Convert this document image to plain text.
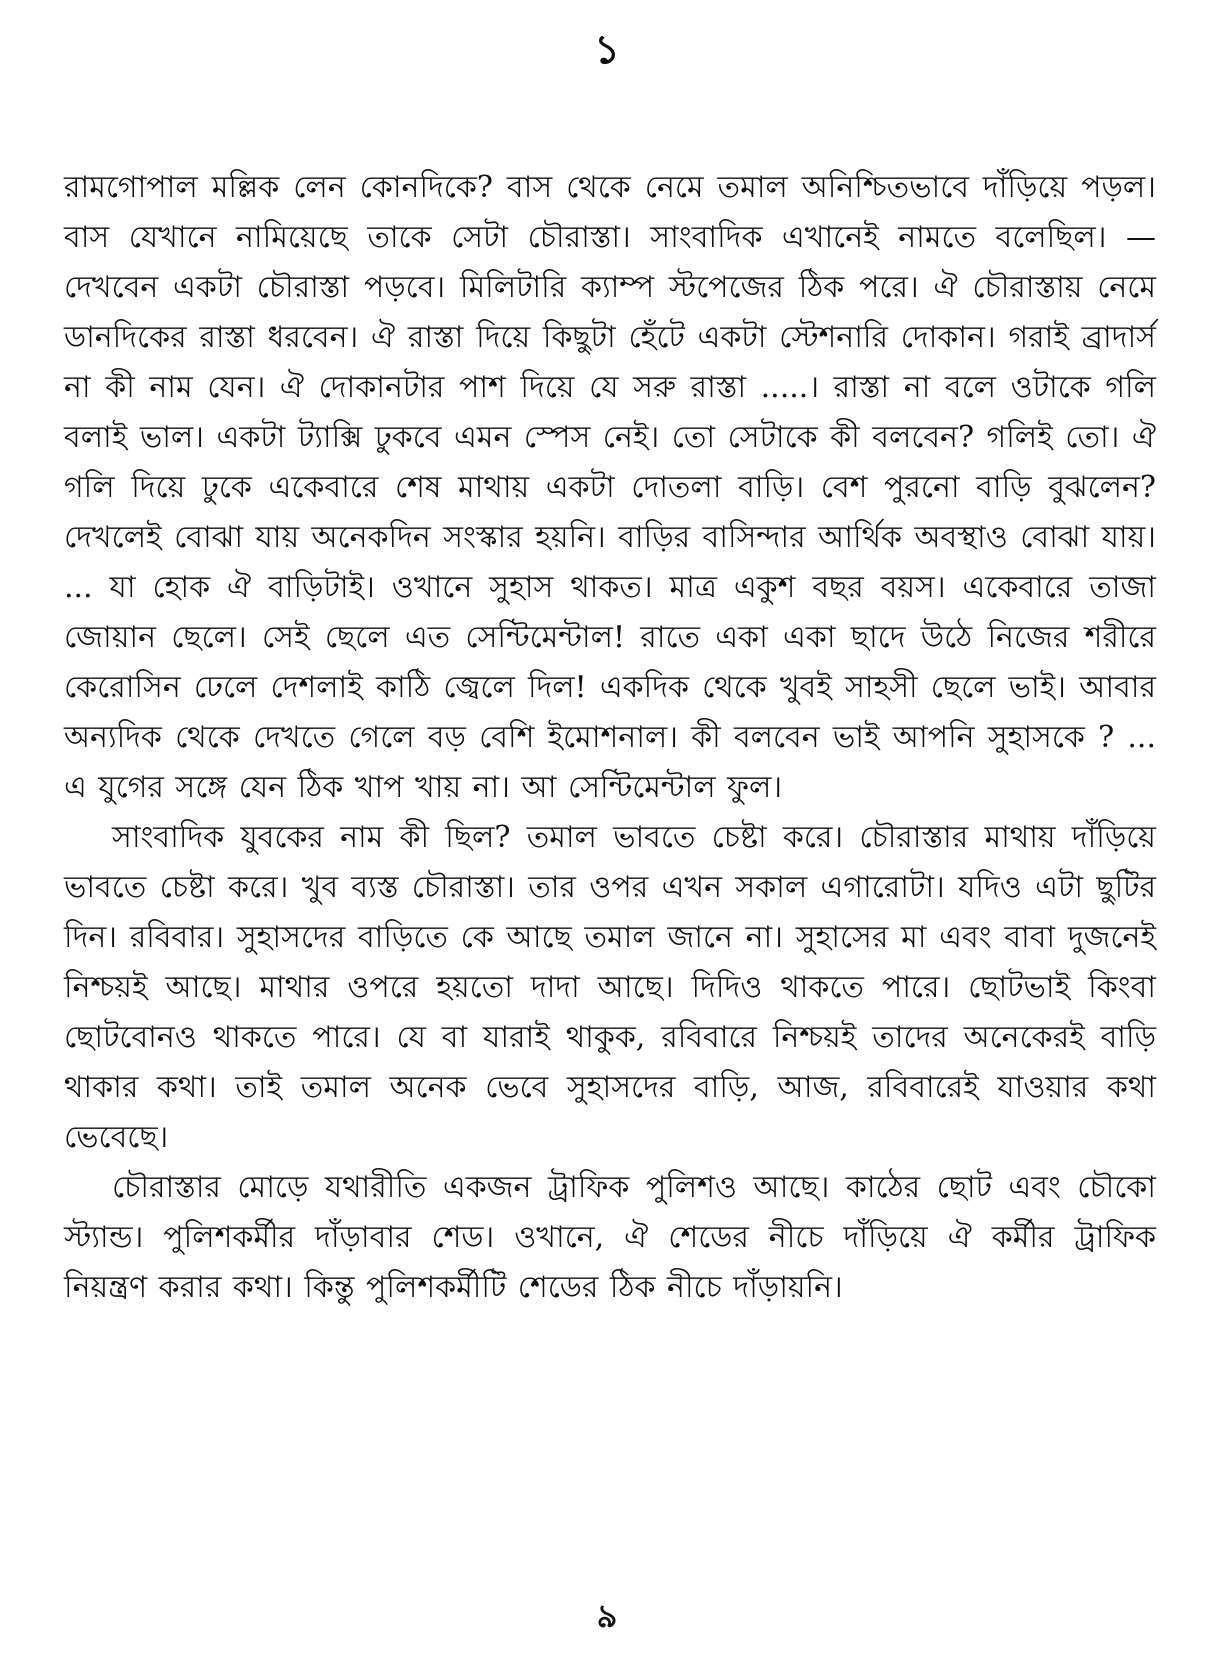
১

রামগোপাল মল্লিক লেন কোনদিকে? বাস থেকে নেমে তমাল অনিশ্চিতভাবে দাঁড়িয়ে পড়ল। বাস যেখানে নামিয়েছে তাকে সেটা চৌরাস্তা। সাংবাদিক এখানেই নামতে বলেছিল। —দেখবেন একটা চৌরাস্তা পড়বে। মিলিটারি ক্যাম্প স্টপেজের ঠিক পরে। ঐ চৌরাস্তায় নেমে ডানদিকের রাস্তা ধরবেন। ঐ রাস্তা দিয়ে কিছুটা হেঁটে একটা স্টেশনারি দোকান। গরাই ব্রাদার্স না কী নাম যেন। ঐ দোকানটার পাশ দিয়ে যে সরু রাস্তা .....। রাস্তা না বলে ওটাকে গলি বলাই ভাল। একটা ট্যাক্সি ঢুকবে এমন স্পেস নেই। তো সেটাকে কী বলবেন? গলিই তো। ঐ গলি দিয়ে ঢুকে একেবারে শেষ মাথায় একটা দোতলা বাড়ি। বেশ পুরনো বাড়ি বুঝলেন? দেখলেই বোঝা যায় অনেকদিন সংস্কার হয়নি। বাড়ির বাসিন্দার আর্থিক অবস্থাও বোঝা যায়। ... যা হোক ঐ বাড়িটাই। ওখানে সুহাস থাকত। মাত্র একুশ বছর বয়স। একেবারে তাজা জোয়ান ছেলে। সেই ছেলে এত সেন্টিমেন্টাল! রাতে একা একা ছাদে উঠে নিজের শরীরে কেরোসিন ঢেলে দেশলাই কাঠি জ্বেলে দিল! একদিক থেকে খুবই সাহসী ছেলে ভাই। আবার অন্যদিক থেকে দেখতে গেলে বড় বেশি ইমোশনাল। কী বলবেন ভাই আপনি সুহাসকে ? ... এ যুগের সঙ্গে যেন ঠিক খাপ খায় না। আ সেন্টিমেন্টাল ফুল।

সাংবাদিক যুবকের নাম কী ছিল? তমাল ভাবতে চেষ্টা করে। চৌরাস্তার মাথায় দাঁড়িয়ে ভাবতে চেষ্টা করে। খুব ব্যস্ত চৌরাস্তা। তার ওপর এখন সকাল এগারোটা। যদিও এটা ছুটির দিন। রবিবার। সুহাসদের বাড়িতে কে আছে তমাল জানে না। সুহাসের মা এবং বাবা দুজনেই নিশ্চয়ই আছে। মাথার ওপরে হয়তো দাদা আছে। দিদিও থাকতে পারে। ছোটভাই কিংবা ছোটবোনও থাকতে পারে। যে বা যারাই থাকুক, রবিবারে নিশ্চয়ই তাদের অনেকেরই বাড়ি থাকার কথা। তাই তমাল অনেক ভেবে সুহাসদের বাড়ি, আজ, রবিবারেই যাওয়ার কথা ভেবেছে।

চৌরাস্তার মোড়ে যথারীতি একজন ট্রাফিক পুলিশও আছে। কাঠের ছোট এবং চৌকো স্ট্যান্ড। পুলিশকর্মীর দাঁড়াবার শেড। ওখানে, ঐ শেডের নীচে দাঁড়িয়ে ঐ কর্মীর ট্রাফিক নিয়ন্ত্রণ করার কথা। কিন্তু পুলিশকর্মীটি শেডের ঠিক নীচে দাঁড়ায়নি।

৯
